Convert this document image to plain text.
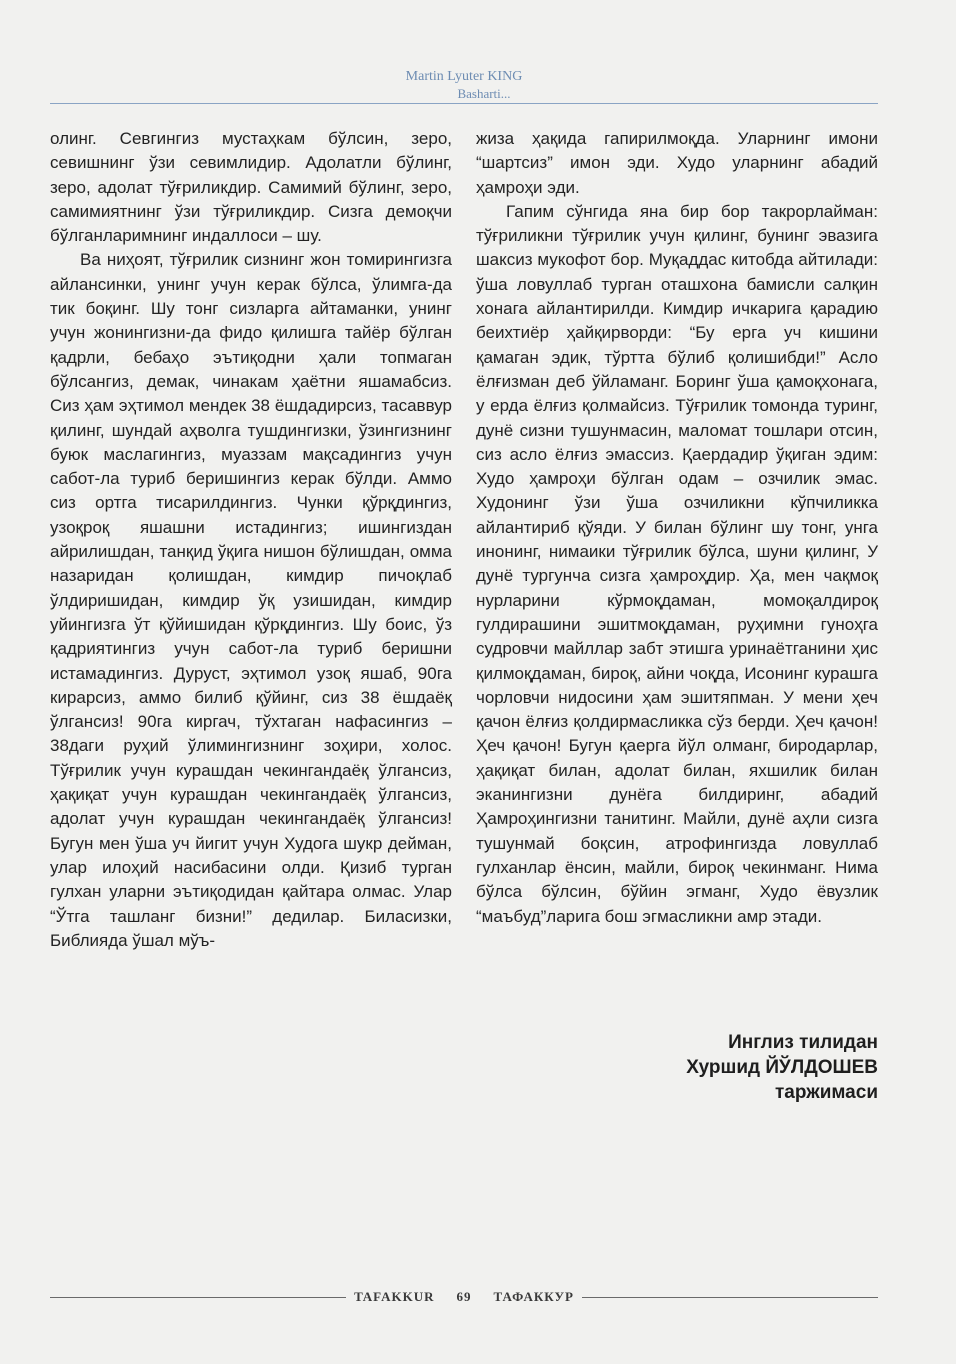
Martin Lyuter KING
Basharti...

олинг. Севгингиз мустаҳкам бўлсин, зеро, севишнинг ўзи севимлидир. Адолатли бўлинг, зеро, адолат тўғриликдир. Самимий бўлинг, зеро, самимиятнинг ўзи тўғриликдир. Сизга демоқчи бўлганларимнинг индаллоси – шу.

Ва ниҳоят, тўғрилик сизнинг жон томирингизга айлансинки, унинг учун керак бўлса, ўлимга-да тик боқинг. Шу тонг сизларга айтаманки, унинг учун жонингизни-да фидо қилишга тайёр бўлган қадрли, бебаҳо эътиқодни ҳали топмаган бўлсангиз, демак, чинакам ҳаётни яшамабсиз. Сиз ҳам эҳтимол мендек 38 ёшдадирсиз, тасаввур қилинг, шундай аҳволга тушдингизки, ўзингизнинг буюк маслагингиз, муаззам мақсадингиз учун сабот-ла туриб беришингиз керак бўлди. Аммо сиз ортга тисарилдингиз. Чунки қўрқдингиз, узоқроқ яшашни истадингиз; ишингиздан айрилишдан, танқид ўқига нишон бўлишдан, омма назаридан қолишдан, кимдир пичоқлаб ўлдиришидан, кимдир ўқ узишидан, кимдир уйингизга ўт қўйишидан қўрқдингиз. Шу боис, ўз қадриятингиз учун сабот-ла туриб беришни истамадингиз. Дуруст, эҳтимол узоқ яшаб, 90га кирарсиз, аммо билиб қўйинг, сиз 38 ёшдаёқ ўлгансиз! 90га киргач, тўхтаган нафасингиз – 38даги руҳий ўлимингизнинг зоҳири, холос. Тўғрилик учун курашдан чекингандаёқ ўлгансиз, ҳақиқат учун курашдан чекингандаёқ ўлгансиз, адолат учун курашдан чекингандаёқ ўлгансиз! Бугун мен ўша уч йигит учун Худога шукр дейман, улар илоҳий насибасини олди. Қизиб турган гулхан уларни эътиқодидан қайтара олмас. Улар “Ўтга ташланг бизни!” дедилар. Биласизки, Библияда ўшал мўъ-

жиза ҳақида гапирилмоқда. Уларнинг имони “шартсиз” имон эди. Худо уларнинг абадий ҳамроҳи эди.

Гапим сўнгида яна бир бор такрорлайман: тўғриликни тўғрилик учун қилинг, бунинг эвазига шаксиз мукофот бор. Муқаддас китобда айтилади: ўша ловуллаб турган оташхона бамисли салқин хонага айлантирилди. Кимдир ичкарига қарадию беихтиёр ҳайқирворди: “Бу ерга уч кишини қамаган эдик, тўртта бўлиб қолишибди!” Асло ёлғизман деб ўйламанг. Боринг ўша қамоқхонага, у ерда ёлғиз қолмайсиз. Тўғрилик томонда туринг, дунё сизни тушунмасин, маломат тошлари отсин, сиз асло ёлғиз эмассиз. Қаердадир ўқиган эдим: Худо ҳамроҳи бўлган одам – озчилик эмас. Худонинг ўзи ўша озчиликни кўпчиликка айлантириб қўяди. У билан бўлинг шу тонг, унга инонинг, нимаики тўғрилик бўлса, шуни қилинг, У дунё тургунча сизга ҳамроҳдир. Ҳа, мен чақмоқ нурларини кўрмоқдаман, момоқалдироқ гулдирашини эшитмоқдаман, руҳимни гуноҳга судровчи майллар забт этишга уринаётганини ҳис қилмоқдаман, бироқ, айни чоқда, Исонинг курашга чорловчи нидосини ҳам эшитяпман. У мени ҳеч қачон ёлғиз қолдирмасликка сўз берди. Ҳеч қачон! Ҳеч қачон! Бугун қаерга йўл олманг, биродарлар, ҳақиқат билан, адолат билан, яхшилик билан эканингизни дунёга билдиринг, абадий Ҳамроҳингизни танитинг. Майли, дунё аҳли сизга тушунмай боқсин, атрофингизда ловуллаб гулханлар ёнсин, майли, бироқ чекинманг. Нима бўлса бўлсин, бўйин эгманг, Худо ёвузлик “маъбуд”ларига бош эгмасликни амр этади.

Инглиз тилидан
Хуршид ЙЎЛДОШЕВ
таржимаси
TAFAKKUR	69	ТАФАККУР
